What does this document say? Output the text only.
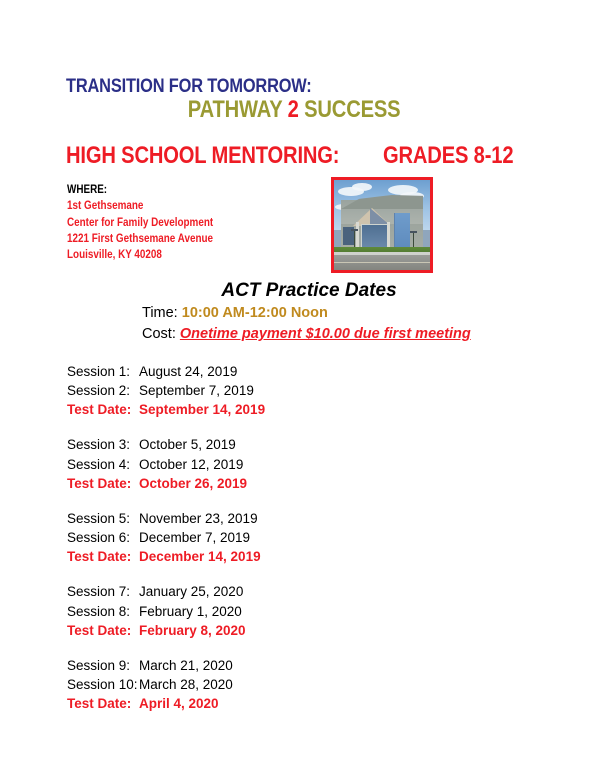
TRANSITION FOR TOMORROW:
PATHWAY 2 SUCCESS
HIGH SCHOOL MENTORING: GRADES 8-12
WHERE:
1st Gethsemane
Center for Family Development
1221 First Gethsemane Avenue
Louisville, KY 40208
ACT Practice Dates
Time: 10:00 AM-12:00 Noon
Cost: Onetime payment $10.00 due first meeting
Session 1: August 24, 2019
Session 2: September 7, 2019
Test Date: September 14, 2019
Session 3: October 5, 2019
Session 4: October 12, 2019
Test Date: October 26, 2019
Session 5: November 23, 2019
Session 6: December 7, 2019
Test Date: December 14, 2019
Session 7: January 25, 2020
Session 8: February 1, 2020
Test Date: February 8, 2020
Session 9: March 21, 2020
Session 10:March 28, 2020
Test Date: April 4, 2020
